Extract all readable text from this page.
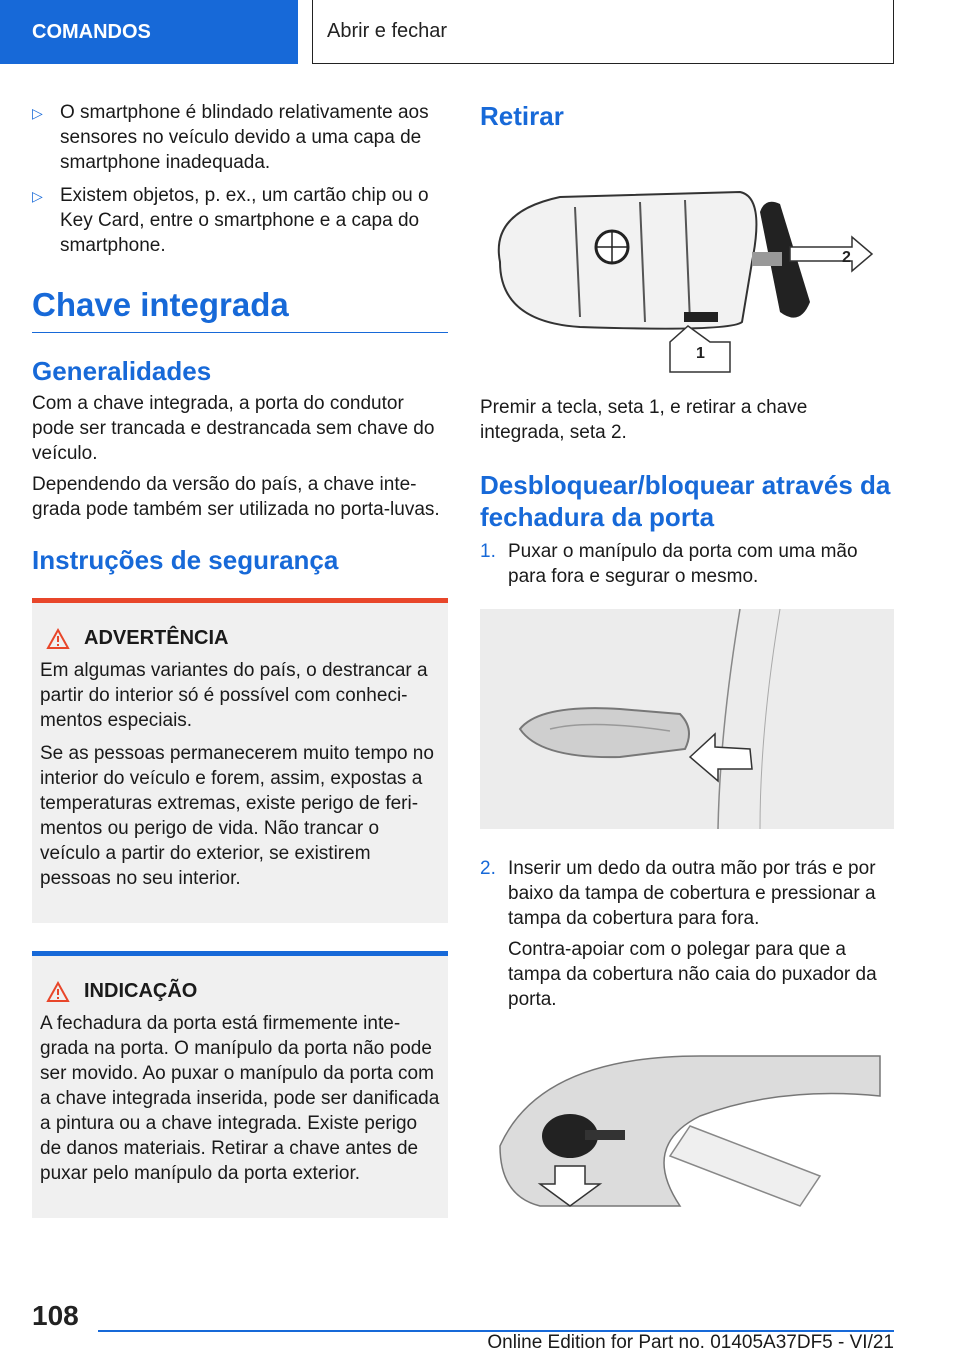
COMANDOS	Abrir e fechar
▷ O smartphone é blindado relativamente aos sensores no veículo devido a uma capa de smartphone inadequada.
▷ Existem objetos, p. ex., um cartão chip ou o Key Card, entre o smartphone e a capa do smartphone.
Chave integrada
Generalidades
Com a chave integrada, a porta do condutor pode ser trancada e destrancada sem chave do veículo.
Dependendo da versão do país, a chave inte-grada pode também ser utilizada no porta-luvas.
Instruções de segurança
ADVERTÊNCIA
Em algumas variantes do país, o destrancar a partir do interior só é possível com conheci-mentos especiais.
Se as pessoas permanecerem muito tempo no interior do veículo e forem, assim, expostas a temperaturas extremas, existe perigo de feri-mentos ou perigo de vida. Não trancar o veículo a partir do exterior, se existirem pessoas no seu interior.
INDICAÇÃO
A fechadura da porta está firmemente inte-grada na porta. O manípulo da porta não pode ser movido. Ao puxar o manípulo da porta com a chave integrada inserida, pode ser danificada a pintura ou a chave integrada. Existe perigo de danos materiais. Retirar a chave antes de puxar pelo manípulo da porta exterior.
Retirar
2
1
Premir a tecla, seta 1, e retirar a chave integrada, seta 2.
Desbloquear/bloquear através da fechadura da porta
1. Puxar o manípulo da porta com uma mão para fora e segurar o mesmo.
2. Inserir um dedo da outra mão por trás e por baixo da tampa de cobertura e pressionar a tampa da cobertura para fora.
Contra-apoiar com o polegar para que a tampa da cobertura não caia do puxador da porta.
108
Online Edition for Part no. 01405A37DF5 - VI/21
